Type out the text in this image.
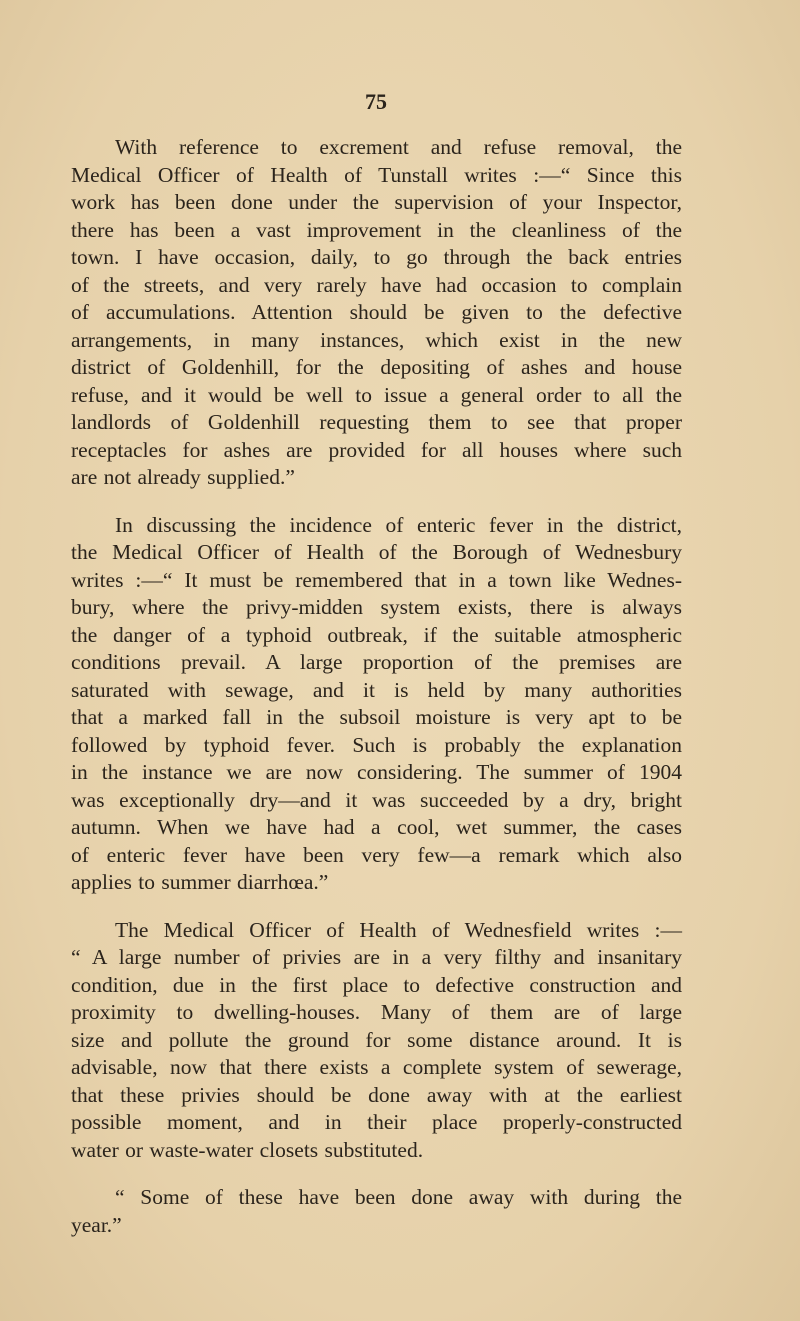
75
With reference to excrement and refuse removal, the
Medical Officer of Health of Tunstall writes :—“ Since this
work has been done under the supervision of your Inspector,
there has been a vast improvement in the cleanliness of the
town. I have occasion, daily, to go through the back entries
of the streets, and very rarely have had occasion to complain
of accumulations. Attention should be given to the defective
arrangements, in many instances, which exist in the new
district of Goldenhill, for the depositing of ashes and house
refuse, and it would be well to issue a general order to all the
landlords of Goldenhill requesting them to see that proper
receptacles for ashes are provided for all houses where such
are not already supplied.”
In discussing the incidence of enteric fever in the district,
the Medical Officer of Health of the Borough of Wednesbury
writes :—“ It must be remembered that in a town like Wednes-
bury, where the privy-midden system exists, there is always
the danger of a typhoid outbreak, if the suitable atmospheric
conditions prevail. A large proportion of the premises are
saturated with sewage, and it is held by many authorities
that a marked fall in the subsoil moisture is very apt to be
followed by typhoid fever. Such is probably the explanation
in the instance we are now considering. The summer of 1904
was exceptionally dry—and it was succeeded by a dry, bright
autumn. When we have had a cool, wet summer, the cases
of enteric fever have been very few—a remark which also
applies to summer diarrhœa.”
The Medical Officer of Health of Wednesfield writes :—
“ A large number of privies are in a very filthy and insanitary
condition, due in the first place to defective construction and
proximity to dwelling-houses. Many of them are of large
size and pollute the ground for some distance around. It is
advisable, now that there exists a complete system of sewerage,
that these privies should be done away with at the earliest
possible moment, and in their place properly-constructed
water or waste-water closets substituted.
“ Some of these have been done away with during the
year.”
